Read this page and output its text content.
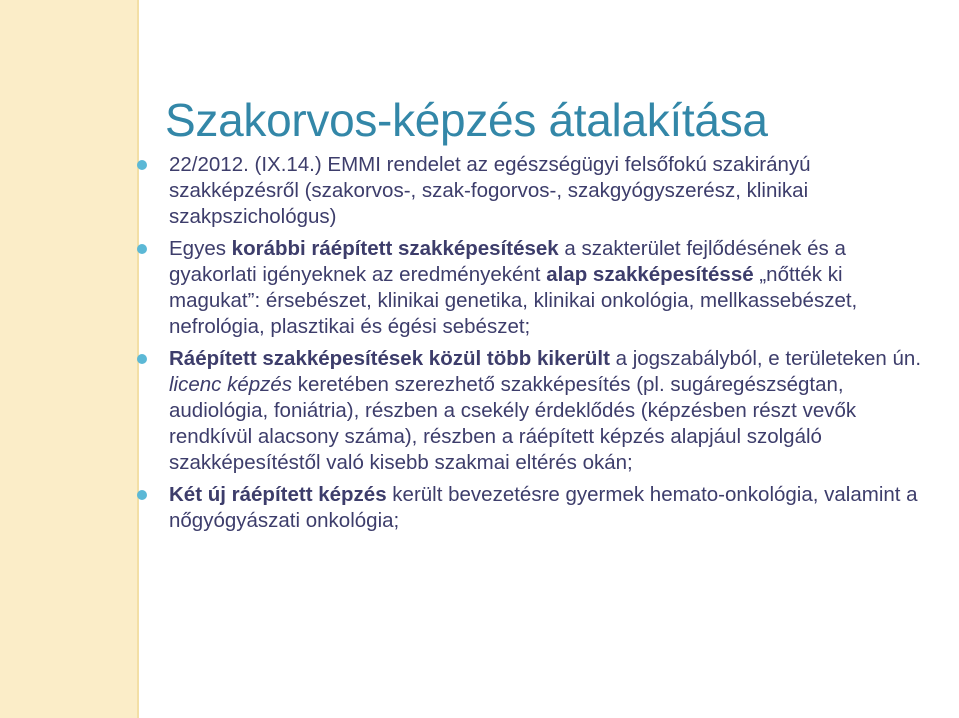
Szakorvos-képzés átalakítása
22/2012. (IX.14.) EMMI rendelet az egészségügyi felsőfokú szakirányú szakképzésről (szakorvos-, szak-fogorvos-, szakgyógyszerész, klinikai szakpszichológus)
Egyes korábbi ráépített szakképesítések a szakterület fejlődésének és a gyakorlati igényeknek az eredményeként alap szakképesítéssé „nőtték ki magukat”: érsebészet, klinikai genetika, klinikai onkológia, mellkassebészet, nefrológia, plasztikai és égési sebészet;
Ráépített szakképesítések közül több kikerült a jogszabályból, e területeken ún. licenc képzés keretében szerezhető szakképesítés (pl. sugáregészségtan, audiológia, foniátria), részben a csekély érdeklődés (képzésben részt vevők rendkívül alacsony száma), részben a ráépített képzés alapjául szolgáló szakképesítéstől való kisebb szakmai eltérés okán;
Két új ráépített képzés került bevezetésre gyermek hemato-onkológia, valamint a nőgyógyászati onkológia;
